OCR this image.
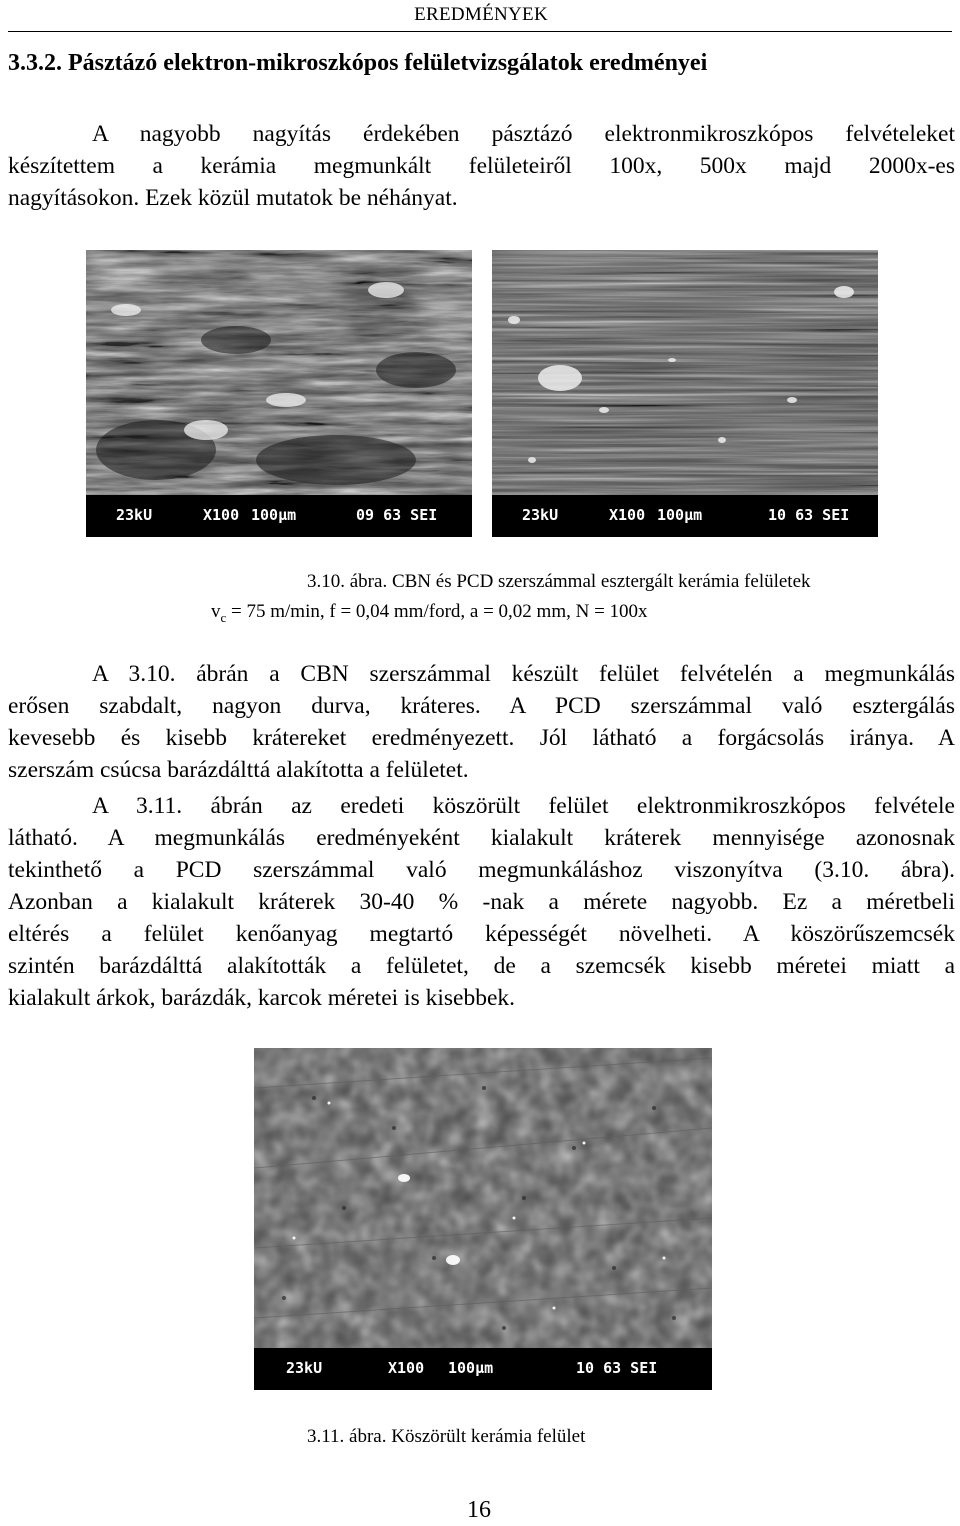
EREDMÉNYEK
3.3.2. Pásztázó elektron-mikroszkópos felületvizsgálatok eredményei
A nagyobb nagyítás érdekében pásztázó elektronmikroszkópos felvételeket
készítettem a kerámia megmunkált felületeiről 100x, 500x majd 2000x-es
nagyításokon. Ezek közül mutatok be néhányat.
23kU	X100 100µm	09 63 SEI	23kU	X100 100µm	10 63 SEI
3.10. ábra. CBN és PCD szerszámmal esztergált kerámia felületek
$v_c = 75$ m/min, f = 0,04 mm/ford, a = 0,02 mm, N = 100x
A 3.10. ábrán a CBN szerszámmal készült felület felvételén a megmunkálás
erősen szabdalt, nagyon durva, kráteres. A PCD szerszámmal való esztergálás
kevesebb és kisebb krátereket eredményezett. Jól látható a forgácsolás iránya. A
szerszám csúcsa barázdálttá alakította a felületet.
A 3.11. ábrán az eredeti köszörült felület elektronmikroszkópos felvétele
látható. A megmunkálás eredményeként kialakult kráterek mennyisége azonosnak
tekinthető a PCD szerszámmal való megmunkáláshoz viszonyítva (3.10. ábra).
Azonban a kialakult kráterek 30-40 % -nak a mérete nagyobb. Ez a méretbeli
eltérés a felület kenőanyag megtartó képességét növelheti. A köszörűszemcsék
szintén barázdálttá alakították a felületet, de a szemcsék kisebb méretei miatt a
kialakult árkok, barázdák, karcok méretei is kisebbek.
23kU	X100 100µm	10 63 SEI
3.11. ábra. Köszörült kerámia felület
16
